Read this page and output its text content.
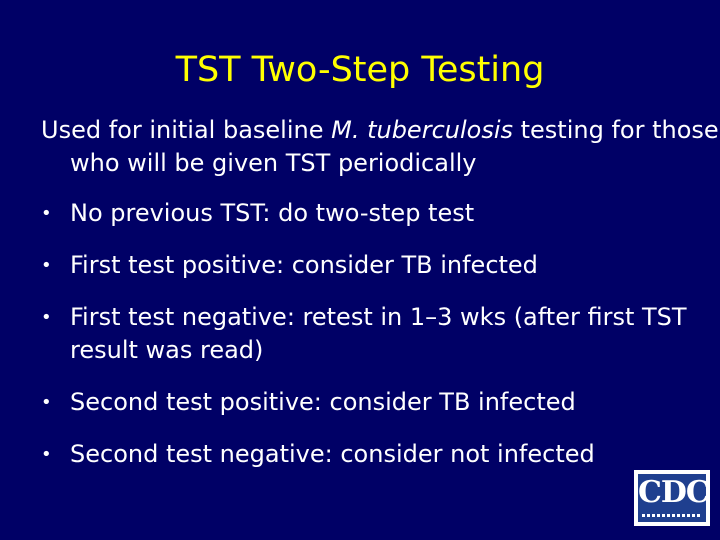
TST Two-Step Testing
Used for initial baseline M. tuberculosis testing for those who will be given TST periodically
• No previous TST: do two-step test
• First test positive: consider TB infected
• First test negative: retest in 1–3 wks (after first TST result was read)
• Second test positive: consider TB infected
• Second test negative: consider not infected
CDC
